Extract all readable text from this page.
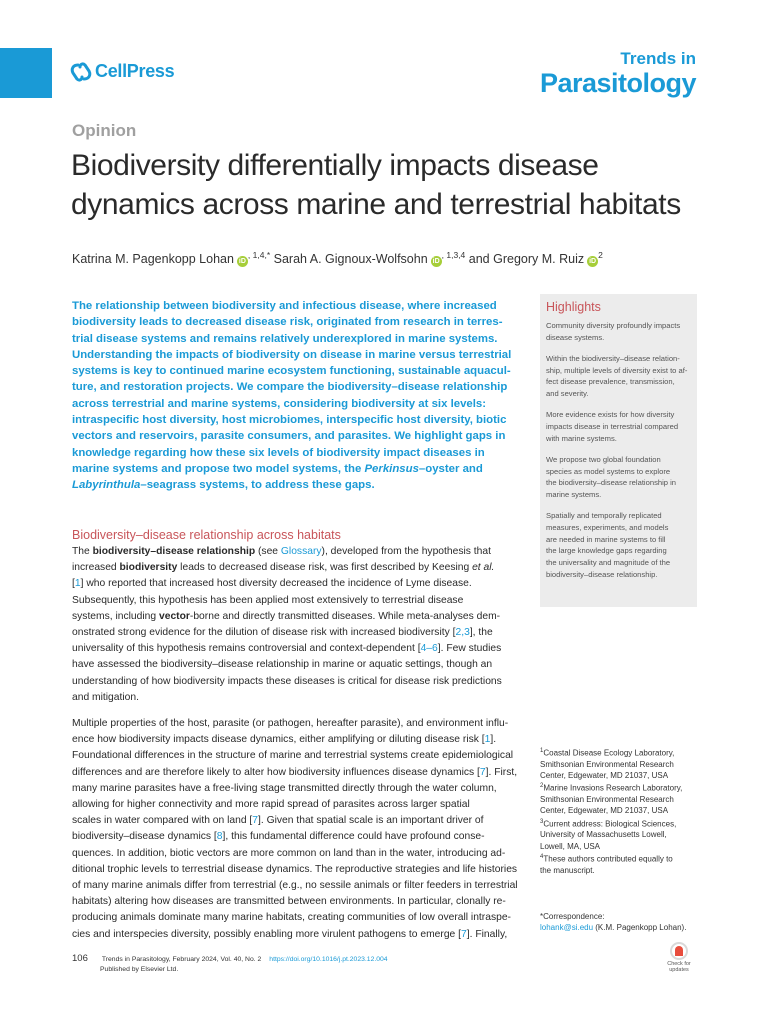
CellPress
Trends in
Parasitology
Opinion
Biodiversity differentially impacts disease
dynamics across marine and terrestrial habitats
Katrina M. Pagenkopp Lohan $iD^{, 1,4,*}$ Sarah A. Gignoux-Wolfsohn $iD^{, 1,3,4}$ and Gregory M. Ruiz $iD^2$
The relationship between biodiversity and infectious disease, where increased
biodiversity leads to decreased disease risk, originated from research in terres-
trial disease systems and remains relatively underexplored in marine systems.
Understanding the impacts of biodiversity on disease in marine versus terrestrial
systems is key to continued marine ecosystem functioning, sustainable aquacul-
ture, and restoration projects. We compare the biodiversity–disease relationship
across terrestrial and marine systems, considering biodiversity at six levels:
intraspecific host diversity, host microbiomes, interspecific host diversity, biotic
vectors and reservoirs, parasite consumers, and parasites. We highlight gaps in
knowledge regarding how these six levels of biodiversity impact diseases in
marine systems and propose two model systems, the Perkinsus–oyster and
Labyrinthula–seagrass systems, to address these gaps.
Highlights
Community diversity profoundly impacts
disease systems.
Within the biodiversity–disease relation-
ship, multiple levels of diversity exist to af-
fect disease prevalence, transmission,
and severity.
More evidence exists for how diversity
impacts disease in terrestrial compared
with marine systems.
We propose two global foundation
species as model systems to explore
the biodiversity–disease relationship in
marine systems.
Spatially and temporally replicated
measures, experiments, and models
are needed in marine systems to fill
the large knowledge gaps regarding
the universality and magnitude of the
biodiversity–disease relationship.
Biodiversity–disease relationship across habitats
The biodiversity–disease relationship (see Glossary), developed from the hypothesis that
increased biodiversity leads to decreased disease risk, was first described by Keesing et al.
[1] who reported that increased host diversity decreased the incidence of Lyme disease.
Subsequently, this hypothesis has been applied most extensively to terrestrial disease
systems, including vector-borne and directly transmitted diseases. While meta-analyses dem-
onstrated strong evidence for the dilution of disease risk with increased biodiversity [2,3], the
universality of this hypothesis remains controversial and context-dependent [4–6]. Few studies
have assessed the biodiversity–disease relationship in marine or aquatic settings, though an
understanding of how biodiversity impacts these diseases is critical for disease risk predictions
and mitigation.
Multiple properties of the host, parasite (or pathogen, hereafter parasite), and environment influ-
ence how biodiversity impacts disease dynamics, either amplifying or diluting disease risk [1].
Foundational differences in the structure of marine and terrestrial systems create epidemiological
differences and are therefore likely to alter how biodiversity influences disease dynamics [7]. First,
many marine parasites have a free-living stage transmitted directly through the water column,
allowing for higher connectivity and more rapid spread of parasites across larger spatial
scales in water compared with on land [7]. Given that spatial scale is an important driver of
biodiversity–disease dynamics [8], this fundamental difference could have profound conse-
quences. In addition, biotic vectors are more common on land than in the water, introducing ad-
ditional trophic levels to terrestrial disease dynamics. The reproductive strategies and life histories
of many marine animals differ from terrestrial (e.g., no sessile animals or filter feeders in terrestrial
habitats) altering how diseases are transmitted between environments. In particular, clonally re-
producing animals dominate many marine habitats, creating communities of low overall intraspe-
cies and interspecies diversity, possibly enabling more virulent pathogens to emerge [7]. Finally,
$^1$Coastal Disease Ecology Laboratory,
Smithsonian Environmental Research
Center, Edgewater, MD 21037, USA
$^2$Marine Invasions Research Laboratory,
Smithsonian Environmental Research
Center, Edgewater, MD 21037, USA
$^3$Current address: Biological Sciences,
University of Massachusetts Lowell,
Lowell, MA, USA
$^4$These authors contributed equally to
the manuscript.
*Correspondence:
lohank@si.edu (K.M. Pagenkopp Lohan).
106 Trends in Parasitology, February 2024, Vol. 40, No. 2 https://doi.org/10.1016/j.pt.2023.12.004
Published by Elsevier Ltd.
Check for
updates
